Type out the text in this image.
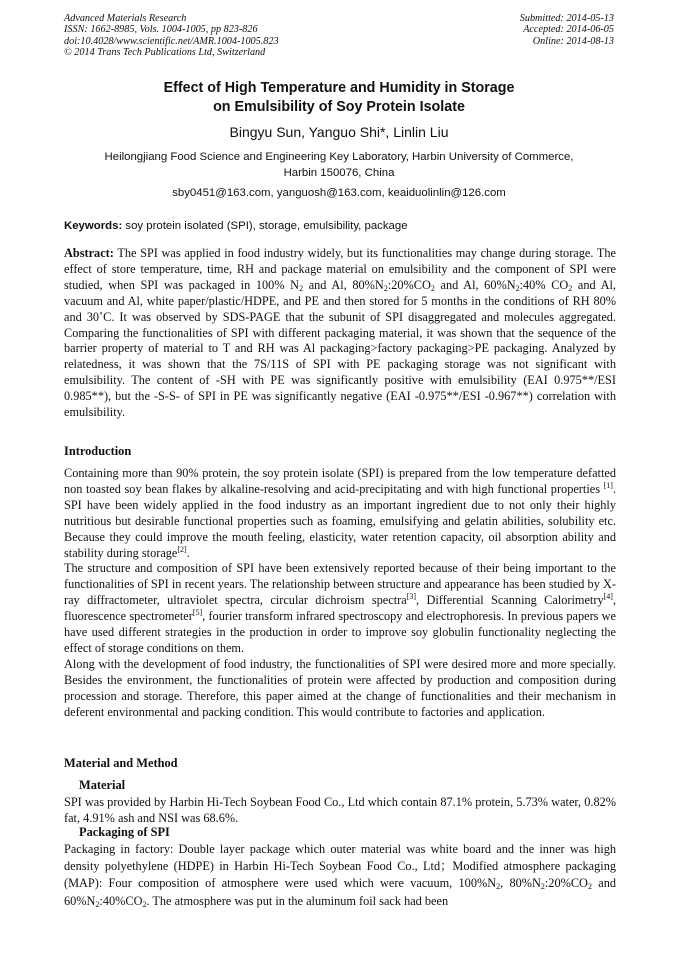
Advanced Materials Research
ISSN: 1662-8985, Vols. 1004-1005, pp 823-826
doi:10.4028/www.scientific.net/AMR.1004-1005.823
© 2014 Trans Tech Publications Ltd, Switzerland
Submitted: 2014-05-13
Accepted: 2014-06-05
Online: 2014-08-13
Effect of High Temperature and Humidity in Storage
on Emulsibility of Soy Protein Isolate
Bingyu Sun, Yanguo Shi*, Linlin Liu
Heilongjiang Food Science and Engineering Key Laboratory, Harbin University of Commerce,
Harbin 150076, China
sby0451@163.com, yanguosh@163.com, keaiduolinlin@126.com
Keywords: soy protein isolated (SPI), storage, emulsibility, package

Abstract: The SPI was applied in food industry widely, but its functionalities may change during storage. The effect of store temperature, time, RH and package material on emulsibility and the component of SPI were studied, when SPI was packaged in 100% $N_2$ and Al, $80\%N_2:20\%CO_2$ and Al, $60\%N_2:40\%$ $CO_2$ and Al, vacuum and Al, white paper/plastic/HDPE, and PE and then stored for 5 months in the conditions of RH 80% and 30˚C. It was observed by SDS-PAGE that the subunit of SPI disaggregated and molecules aggregated. Comparing the functionalities of SPI with different packaging material, it was shown that the sequence of the barrier property of material to T and RH was Al packaging>factory packaging>PE packaging. Analyzed by relatedness, it was shown that the 7S/11S of SPI with PE packaging storage was not significant with emulsibility. The content of -SH with PE was significantly positive with emulsibility (EAI 0.975**/ESI 0.985**), but the -S-S- of SPI in PE was significantly negative (EAI -0.975**/ESI -0.967**) correlation with emulsibility.

Introduction

Containing more than 90% protein, the soy protein isolate (SPI) is prepared from the low temperature defatted non toasted soy bean flakes by alkaline-resolving and acid-precipitating and with high functional properties [1]. SPI have been widely applied in the food industry as an important ingredient due to not only their highly nutritious but desirable functional properties such as foaming, emulsifying and gelatin abilities, solubility etc. Because they could improve the mouth feeling, elasticity, water retention capacity, oil absorption ability and stability during storage[2].

The structure and composition of SPI have been extensively reported because of their being important to the functionalities of SPI in recent years. The relationship between structure and appearance has been studied by X-ray diffractometer, ultraviolet spectra, circular dichroism spectra[3], Differential Scanning Calorimetry[4], fluorescence spectrometer[5], fourier transform infrared spectroscopy and electrophoresis. In previous papers we have used different strategies in the production in order to improve soy globulin functionality neglecting the effect of storage conditions on them.

Along with the development of food industry, the functionalities of SPI were desired more and more specially. Besides the environment, the functionalities of protein were affected by production and composition during procession and storage. Therefore, this paper aimed at the change of functionalities and their mechanism in deferent environmental and packing condition. This would contribute to factories and application.

Material and Method
Material

SPI was provided by Harbin Hi-Tech Soybean Food Co., Ltd which contain 87.1% protein, 5.73% water, 0.82% fat, 4.91% ash and NSI was 68.6%.

Packaging of SPI

Packaging in factory: Double layer package which outer material was white board and the inner was high density polyethylene (HDPE) in Harbin Hi-Tech Soybean Food Co., Ltd；Modified atmosphere packaging (MAP): Four composition of atmosphere were used which were vacuum, $100\%N_2$, $80\%N_2:20\%CO_2$ and $60\%N_2:40\%CO_2$. The atmosphere was put in the aluminum foil sack had been
